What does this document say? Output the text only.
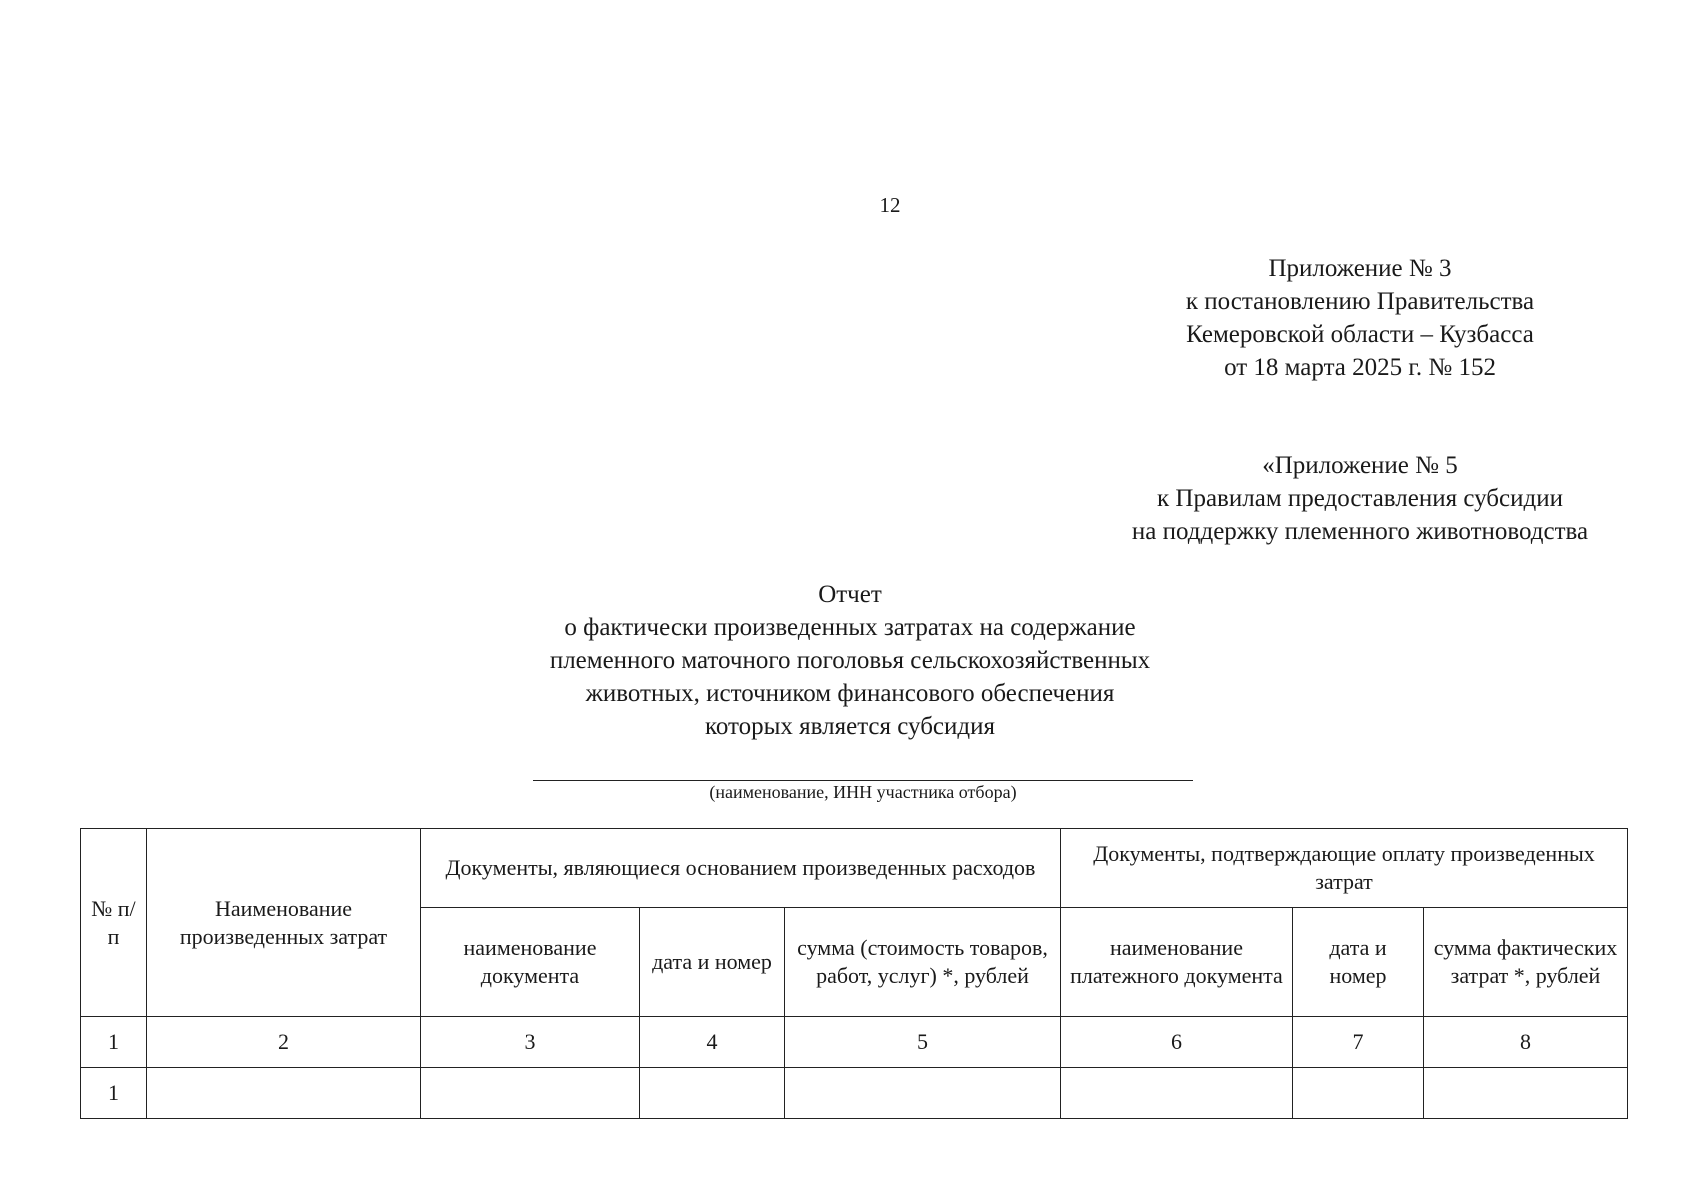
12
Приложение № 3
к постановлению Правительства
Кемеровской области – Кузбасса
от 18 марта 2025 г. № 152
«Приложение № 5
к Правилам предоставления субсидии
на поддержку племенного животноводства
Отчет
о фактически произведенных затратах на содержание
племенного маточного поголовья сельскохозяйственных
животных, источником финансового обеспечения
которых является субсидия
(наименование, ИНН участника отбора)
№ п/п	Наименование произведенных затрат	Документы, являющиеся основанием произведенных расходов			Документы, подтверждающие оплату произведенных затрат		
		наименование документа	дата и номер	сумма (стоимость товаров, работ, услуг) *, рублей	наименование платежного документа	дата и номер	сумма фактических затрат *, рублей
1	2	3	4	5	6	7	8
1							
